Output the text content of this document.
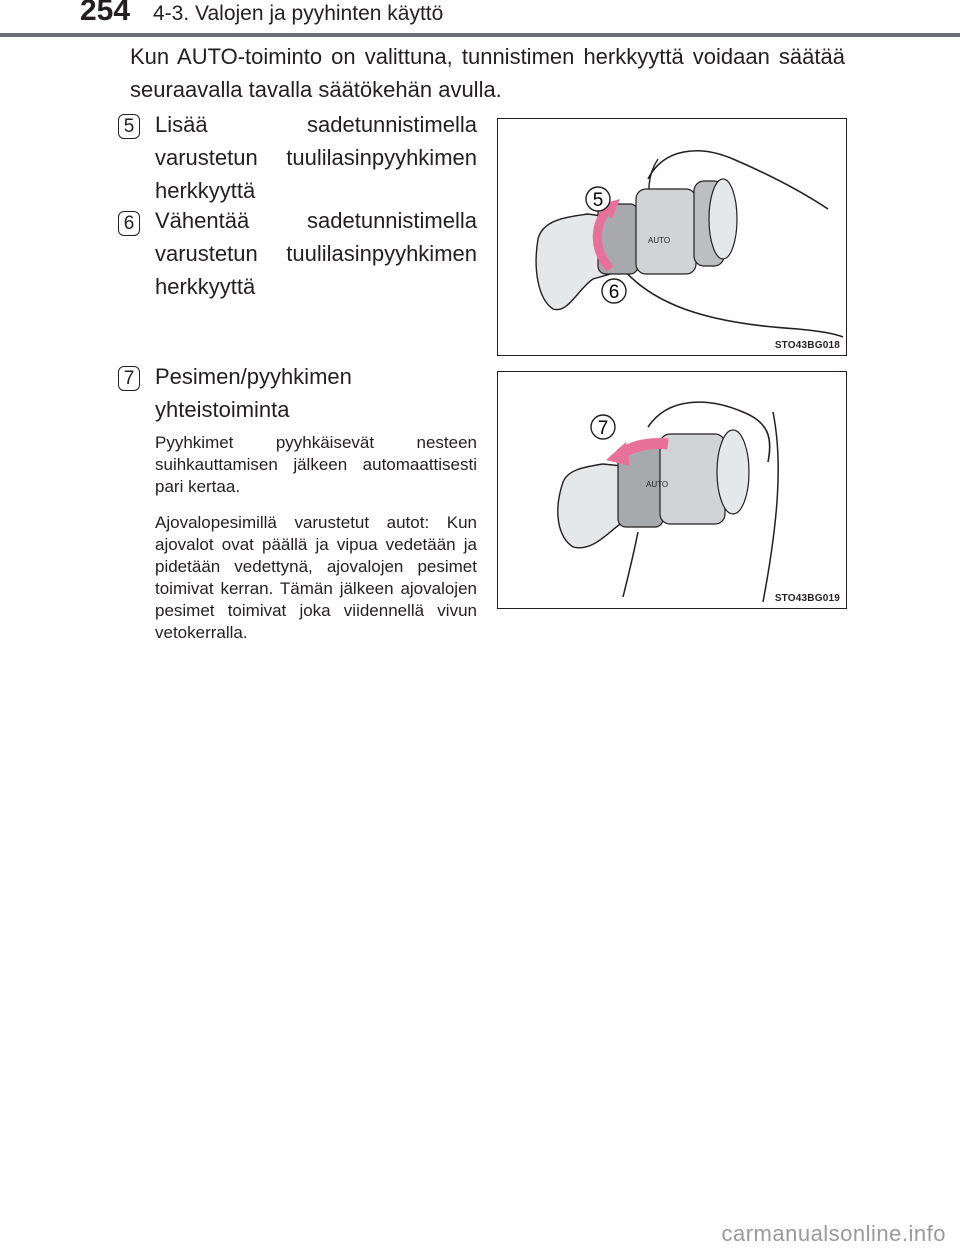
254 4-3. Valojen ja pyyhinten käyttö
Kun AUTO-toiminto on valittuna, tunnistimen herkkyyttä voidaan säätää seuraavalla tavalla säätökehän avulla.
5 Lisää sadetunnistimella varustetun tuulilasinpyyhkimen herkkyyttä
6 Vähentää sadetunnistimella varustetun tuulilasinpyyhkimen herkkyyttä
7 Pesimen/pyyhkimen yhteistoiminta
Pyyhkimet pyyhkäisevät nesteen suihkauttamisen jälkeen automaattisesti pari kertaa.
Ajovalopesimillä varustetut autot: Kun ajovalot ovat päällä ja vipua vedetään ja pidetään vedettynä, ajovalojen pesimet toimivat kerran. Tämän jälkeen ajovalojen pesimet toimivat joka viidennellä vivun vetokerralla.
AUTO
5
6
STO43BG018
AUTO
7
STO43BG019
carmanualsonline.info
